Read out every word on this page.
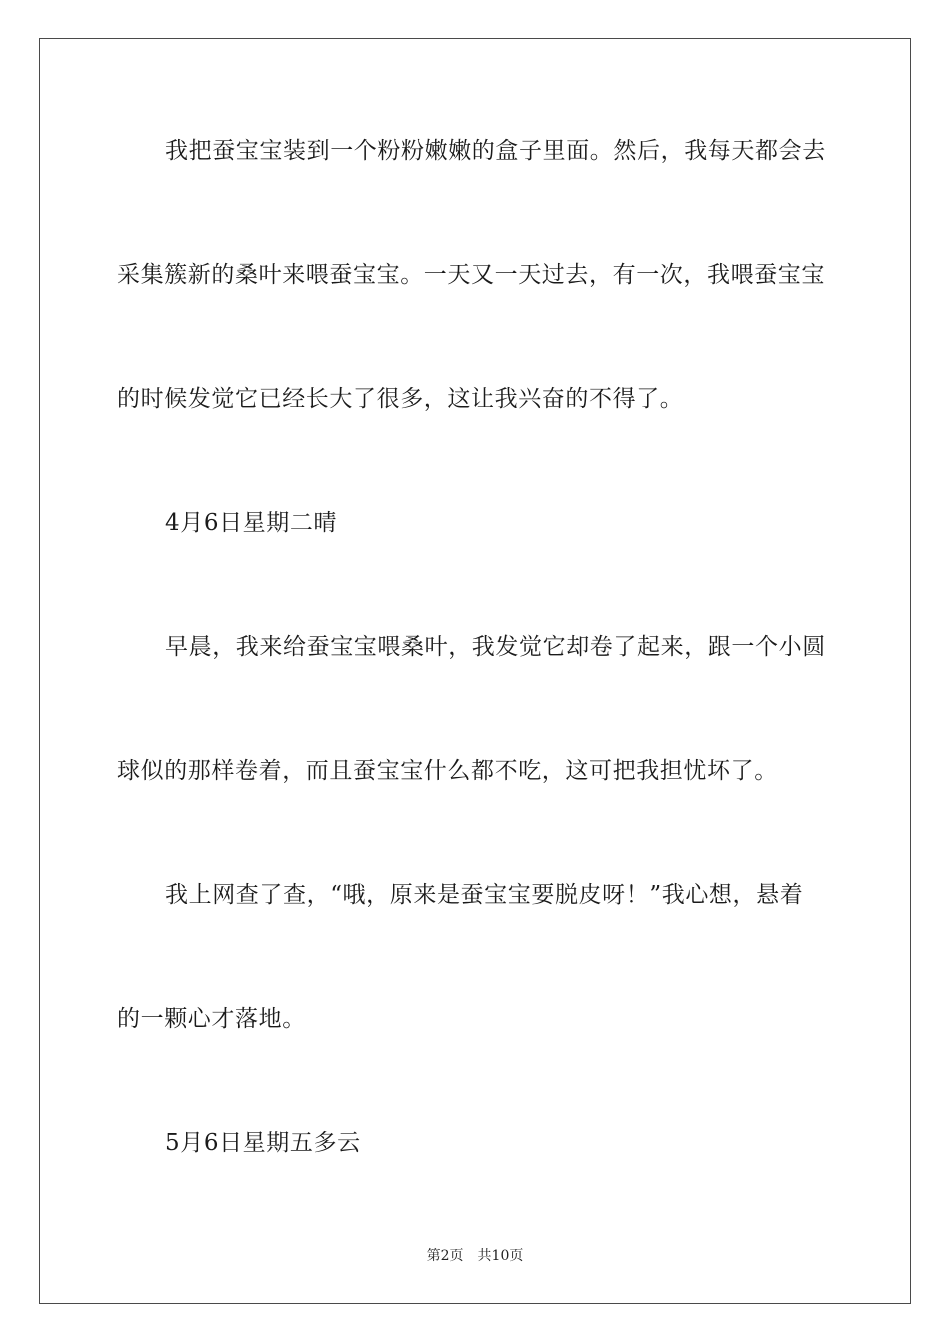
我把蚕宝宝装到一个粉粉嫩嫩的盒子里面。然后，我每天都会去

采集簇新的桑叶来喂蚕宝宝。一天又一天过去，有一次，我喂蚕宝宝

的时候发觉它已经长大了很多，这让我兴奋的不得了。

4月6日星期二晴

早晨，我来给蚕宝宝喂桑叶，我发觉它却卷了起来，跟一个小圆

球似的那样卷着，而且蚕宝宝什么都不吃，这可把我担忧坏了。

我上网查了查，“哦，原来是蚕宝宝要脱皮呀！”我心想，悬着

的一颗心才落地。

5月6日星期五多云

第2页 共10页
